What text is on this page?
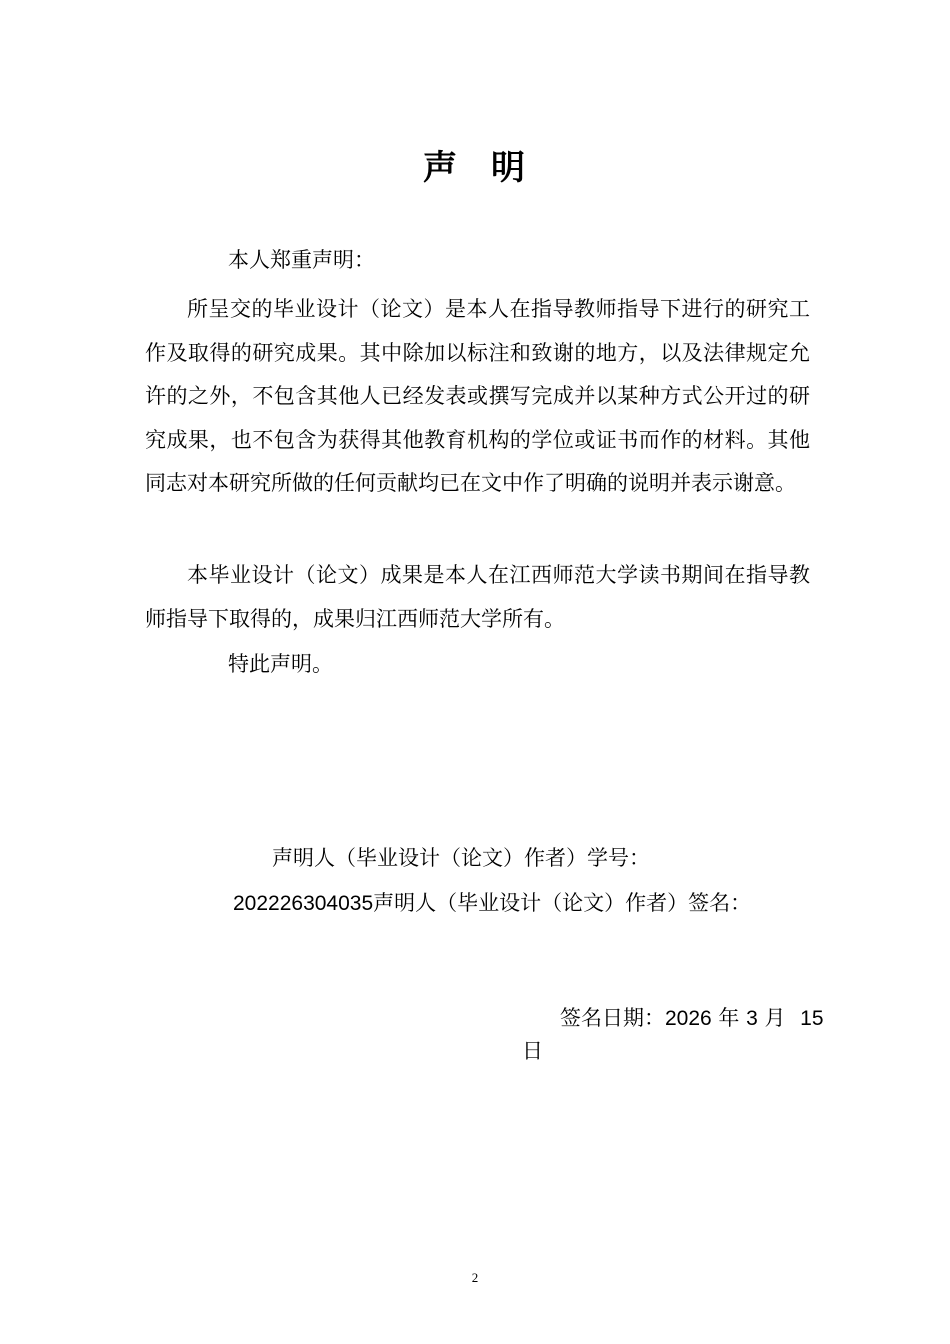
声 明
本人郑重声明：
所呈交的毕业设计（论文）是本人在指导教师指导下进行的研究工作及取得的研究成果。其中除加以标注和致谢的地方，以及法律规定允许的之外，不包含其他人已经发表或撰写完成并以某种方式公开过的研究成果，也不包含为获得其他教育机构的学位或证书而作的材料。其他同志对本研究所做的任何贡献均已在文中作了明确的说明并表示谢意。
本毕业设计（论文）成果是本人在江西师范大学读书期间在指导教师指导下取得的，成果归江西师范大学所有。
特此声明。
声明人（毕业设计（论文）作者）学号：
202226304035声明人（毕业设计（论文）作者）签名：
签名日期：2026 年 3 月 15
日
2
